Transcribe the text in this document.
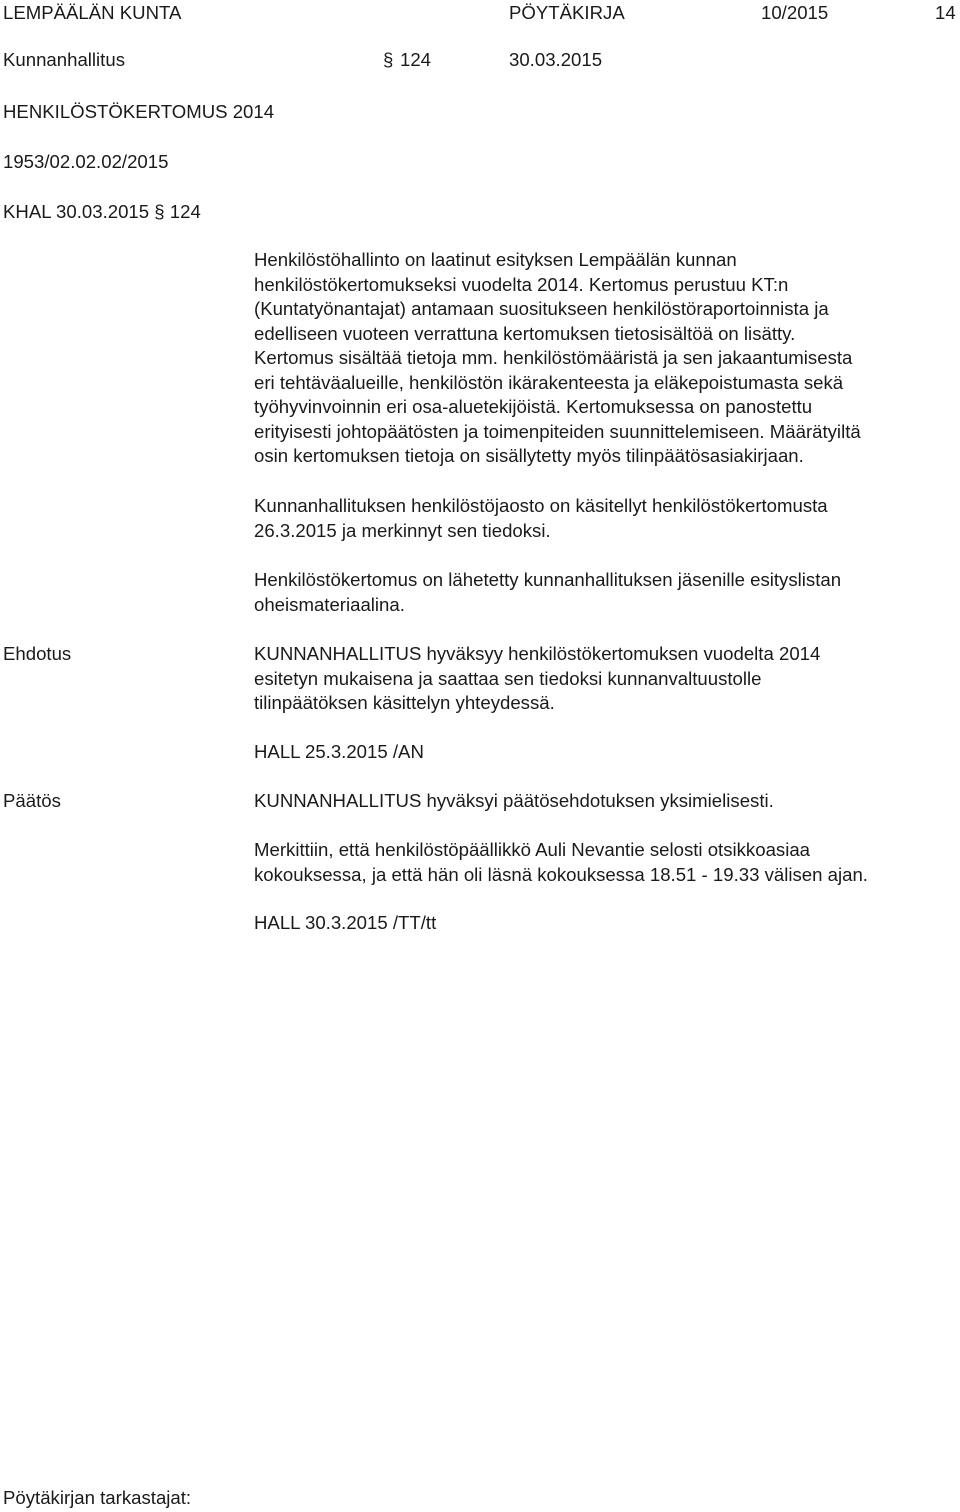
LEMPÄÄLÄN KUNTA	PÖYTÄKIRJA	10/2015	14
Kunnanhallitus	§ 124	30.03.2015
HENKILÖSTÖKERTOMUS 2014
1953/02.02.02/2015
KHAL 30.03.2015 § 124

Henkilöstöhallinto on laatinut esityksen Lempäälän kunnan

henkilöstökertomukseksi vuodelta 2014. Kertomus perustuu KT:n

(Kuntatyönantajat) antamaan suositukseen henkilöstöraportoinnista ja

edelliseen vuoteen verrattuna kertomuksen tietosisältöä on lisätty.

Kertomus sisältää tietoja mm. henkilöstömääristä ja sen jakaantumisesta

eri tehtäväalueille, henkilöstön ikärakenteesta ja eläkepoistumasta sekä

työhyvinvoinnin eri osa-aluetekijöistä. Kertomuksessa on panostettu

erityisesti johtopäätösten ja toimenpiteiden suunnittelemiseen. Määrätyiltä

osin kertomuksen tietoja on sisällytetty myös tilinpäätösasiakirjaan.

Kunnanhallituksen henkilöstöjaosto on käsitellyt henkilöstökertomusta

26.3.2015 ja merkinnyt sen tiedoksi.

Henkilöstökertomus on lähetetty kunnanhallituksen jäsenille esityslistan

oheismateriaalina.

Ehdotus	KUNNANHALLITUS hyväksyy henkilöstökertomuksen vuodelta 2014

esitetyn mukaisena ja saattaa sen tiedoksi kunnanvaltuustolle

tilinpäätöksen käsittelyn yhteydessä.

HALL 25.3.2015 /AN

Päätös	KUNNANHALLITUS hyväksyi päätösehdotuksen yksimielisesti.

Merkittiin, että henkilöstöpäällikkö Auli Nevantie selosti otsikkoasiaa

kokouksessa, ja että hän oli läsnä kokouksessa 18.51 - 19.33 välisen ajan.

HALL 30.3.2015 /TT/tt

Pöytäkirjan tarkastajat:
